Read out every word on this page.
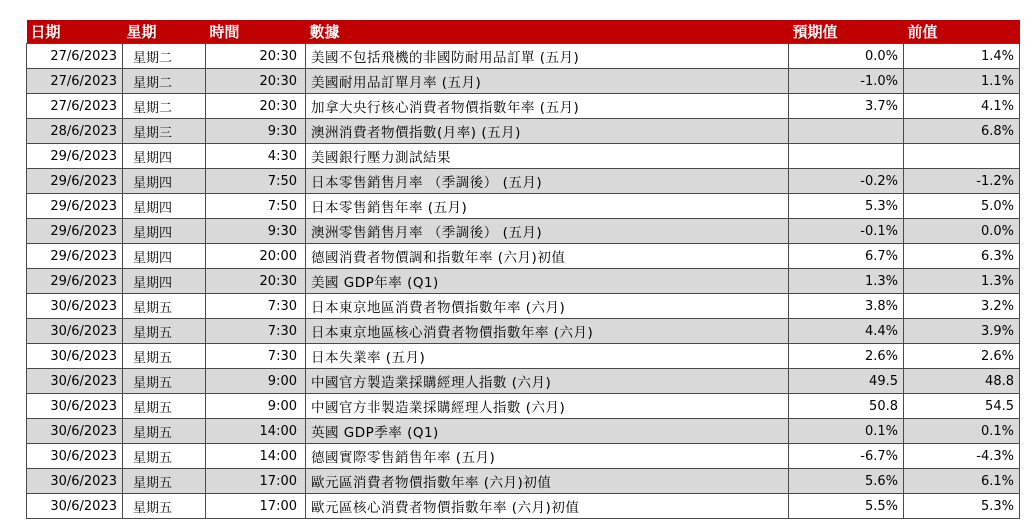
日期	星期	時間	數據	預期值	前值
27/6/2023	星期二	20:30	美國不包括飛機的非國防耐用品訂單 (五月)	0.0%	1.4%
27/6/2023	星期二	20:30	美國耐用品訂單月率 (五月)	-1.0%	1.1%
27/6/2023	星期二	20:30	加拿大央行核心消費者物價指數年率 (五月)	3.7%	4.1%
28/6/2023	星期三	9:30	澳洲消費者物價指數(月率) (五月)		6.8%
29/6/2023	星期四	4:30	美國銀行壓力測試結果		
29/6/2023	星期四	7:50	日本零售銷售月率 （季調後） (五月)	-0.2%	-1.2%
29/6/2023	星期四	7:50	日本零售銷售年率 (五月)	5.3%	5.0%
29/6/2023	星期四	9:30	澳洲零售銷售月率 （季調後） (五月)	-0.1%	0.0%
29/6/2023	星期四	20:00	德國消費者物價調和指數年率 (六月)初值	6.7%	6.3%
29/6/2023	星期四	20:30	美國 GDP年率 (Q1)	1.3%	1.3%
30/6/2023	星期五	7:30	日本東京地區消費者物價指數年率 (六月)	3.8%	3.2%
30/6/2023	星期五	7:30	日本東京地區核心消費者物價指數年率 (六月)	4.4%	3.9%
30/6/2023	星期五	7:30	日本失業率 (五月)	2.6%	2.6%
30/6/2023	星期五	9:00	中國官方製造業採購經理人指數 (六月)	49.5	48.8
30/6/2023	星期五	9:00	中國官方非製造業採購經理人指數 (六月)	50.8	54.5
30/6/2023	星期五	14:00	英國 GDP季率 (Q1)	0.1%	0.1%
30/6/2023	星期五	14:00	德國實際零售銷售年率 (五月)	-6.7%	-4.3%
30/6/2023	星期五	17:00	歐元區消費者物價指數年率 (六月)初值	5.6%	6.1%
30/6/2023	星期五	17:00	歐元區核心消費者物價指數年率 (六月)初值	5.5%	5.3%
